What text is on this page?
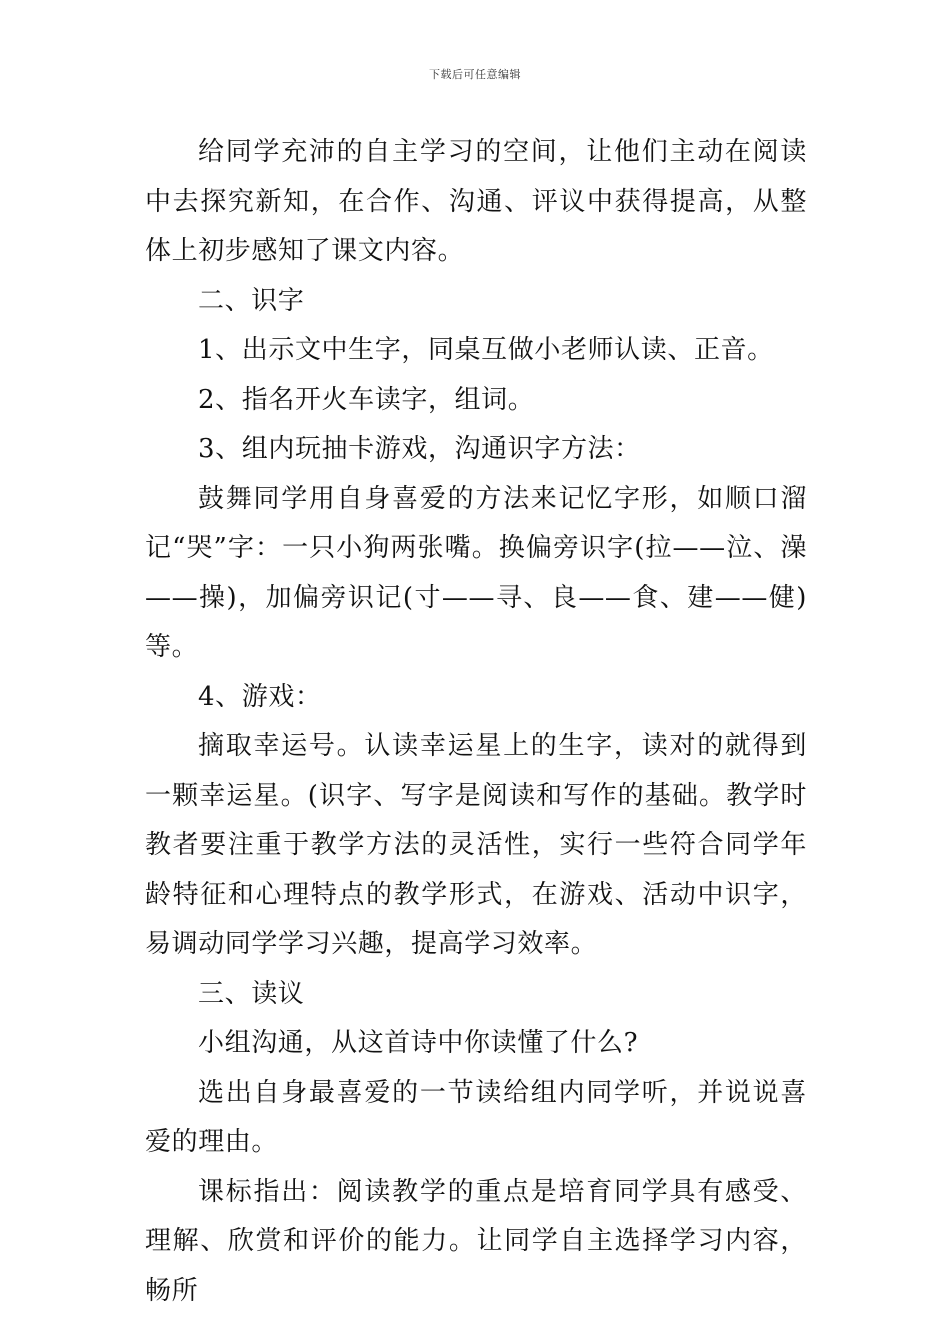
下载后可任意编辑

给同学充沛的自主学习的空间，让他们主动在阅读中去探究新知，在合作、沟通、评议中获得提高，从整体上初步感知了课文内容。

二、识字

1、出示文中生字，同桌互做小老师认读、正音。

2、指名开火车读字，组词。

3、组内玩抽卡游戏，沟通识字方法：

鼓舞同学用自身喜爱的方法来记忆字形，如顺口溜记“哭”字：一只小狗两张嘴。换偏旁识字(拉——泣、澡——操)，加偏旁识记(寸——寻、良——食、建——健)等。

4、游戏：

摘取幸运号。认读幸运星上的生字，读对的就得到一颗幸运星。(识字、写字是阅读和写作的基础。教学时教者要注重于教学方法的灵活性，实行一些符合同学年龄特征和心理特点的教学形式，在游戏、活动中识字，易调动同学学习兴趣，提高学习效率。

三、读议

小组沟通，从这首诗中你读懂了什么?

选出自身最喜爱的一节读给组内同学听，并说说喜爱的理由。

课标指出：阅读教学的重点是培育同学具有感受、理解、欣赏和评价的能力。让同学自主选择学习内容，畅所
